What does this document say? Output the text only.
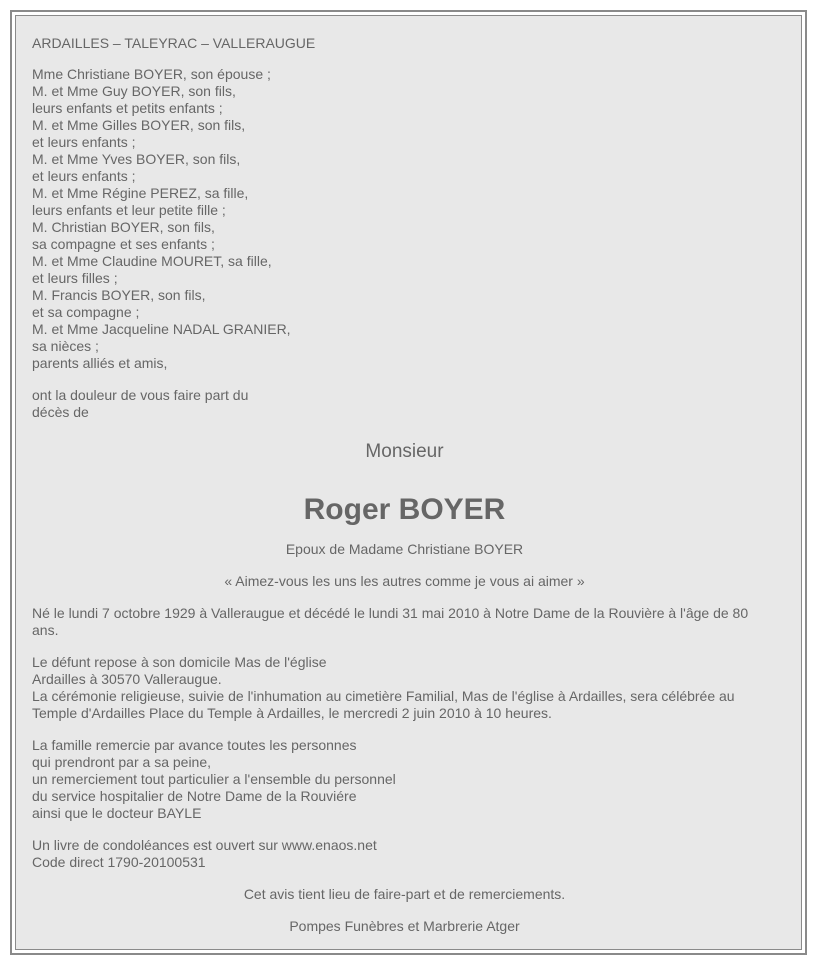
ARDAILLES – TALEYRAC – VALLERAUGUE
Mme Christiane BOYER, son épouse ;
M. et Mme Guy BOYER, son fils,
leurs enfants et petits enfants ;
M. et Mme Gilles BOYER, son fils,
et leurs enfants ;
M. et Mme Yves BOYER, son fils,
et leurs enfants ;
M. et Mme Régine PEREZ, sa fille,
leurs enfants et leur petite fille ;
M. Christian BOYER, son fils,
sa compagne et ses enfants ;
M. et Mme Claudine MOURET, sa fille,
et leurs filles ;
M. Francis BOYER, son fils,
et sa compagne ;
M. et Mme Jacqueline NADAL GRANIER,
sa nièces ;
parents alliés et amis,
ont la douleur de vous faire part du
décès de
Monsieur
Roger BOYER
Epoux de Madame Christiane BOYER
« Aimez-vous les uns les autres comme je vous ai aimer »
Né le lundi 7 octobre 1929 à Valleraugue et décédé le lundi 31 mai 2010 à Notre Dame de la Rouvière à l'âge de 80 ans.
Le défunt repose à son domicile Mas de l'église
Ardailles à 30570 Valleraugue.
La cérémonie religieuse, suivie de l'inhumation au cimetière Familial, Mas de l'église à Ardailles, sera célébrée au Temple d'Ardailles Place du Temple à Ardailles, le mercredi 2 juin 2010 à 10 heures.
La famille remercie par avance toutes les personnes
qui prendront par a sa peine,
un remerciement tout particulier a l'ensemble du personnel
du service hospitalier de Notre Dame de la Rouviére
ainsi que le docteur BAYLE
Un livre de condoléances est ouvert sur www.enaos.net
Code direct 1790-20100531
Cet avis tient lieu de faire-part et de remerciements.
Pompes Funèbres et Marbrerie Atger
